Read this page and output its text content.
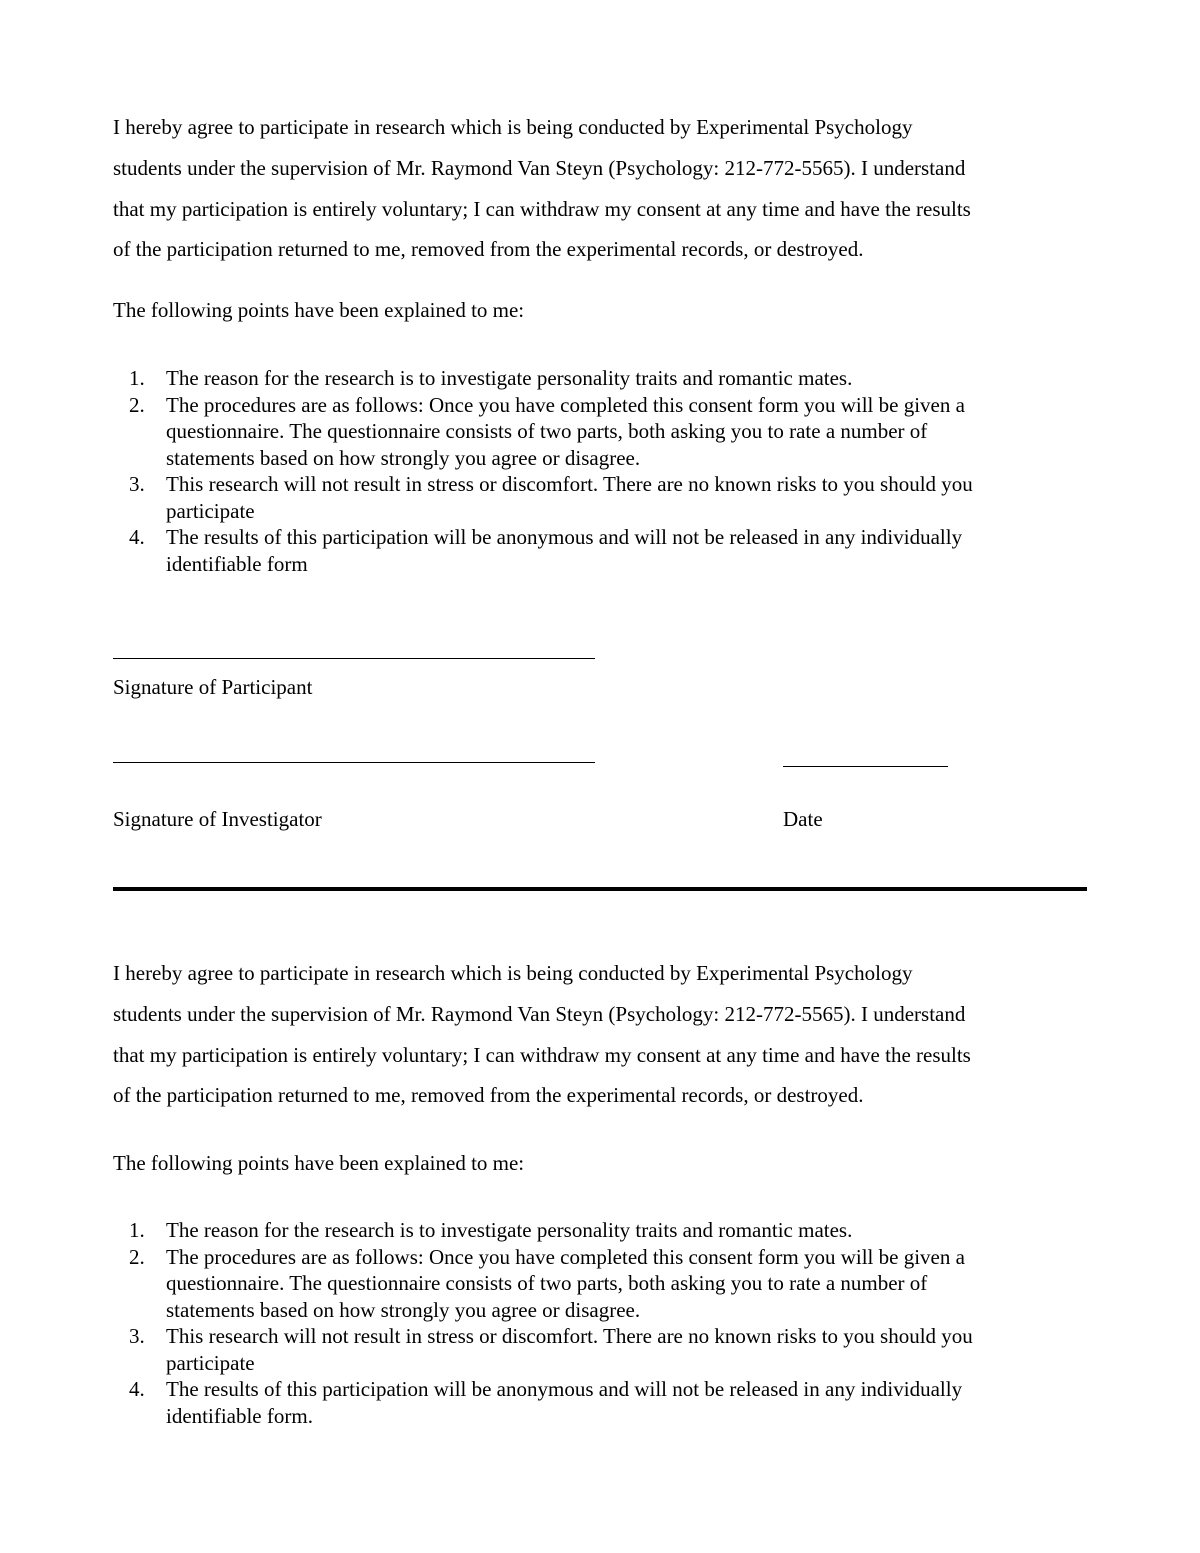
I hereby agree to participate in research which is being conducted by Experimental Psychology

students under the supervision of Mr. Raymond Van Steyn (Psychology: 212-772-5565). I understand

that my participation is entirely voluntary; I can withdraw my consent at any time and have the results

of the participation returned to me, removed from the experimental records, or destroyed.

The following points have been explained to me:

1.	The reason for the research is to investigate personality traits and romantic mates.
2.	The procedures are as follows: Once you have completed this consent form you will be given a
questionnaire. The questionnaire consists of two parts, both asking you to rate a number of
statements based on how strongly you agree or disagree.
3.	This research will not result in stress or discomfort. There are no known risks to you should you
participate
4.	The results of this participation will be anonymous and will not be released in any individually
identifiable form

Signature of Participant

Signature of Investigator	Date

I hereby agree to participate in research which is being conducted by Experimental Psychology

students under the supervision of Mr. Raymond Van Steyn (Psychology: 212-772-5565). I understand

that my participation is entirely voluntary; I can withdraw my consent at any time and have the results

of the participation returned to me, removed from the experimental records, or destroyed.

The following points have been explained to me:

1.	The reason for the research is to investigate personality traits and romantic mates.
2.	The procedures are as follows: Once you have completed this consent form you will be given a
questionnaire. The questionnaire consists of two parts, both asking you to rate a number of
statements based on how strongly you agree or disagree.
3.	This research will not result in stress or discomfort. There are no known risks to you should you
participate
4.	The results of this participation will be anonymous and will not be released in any individually
identifiable form.
